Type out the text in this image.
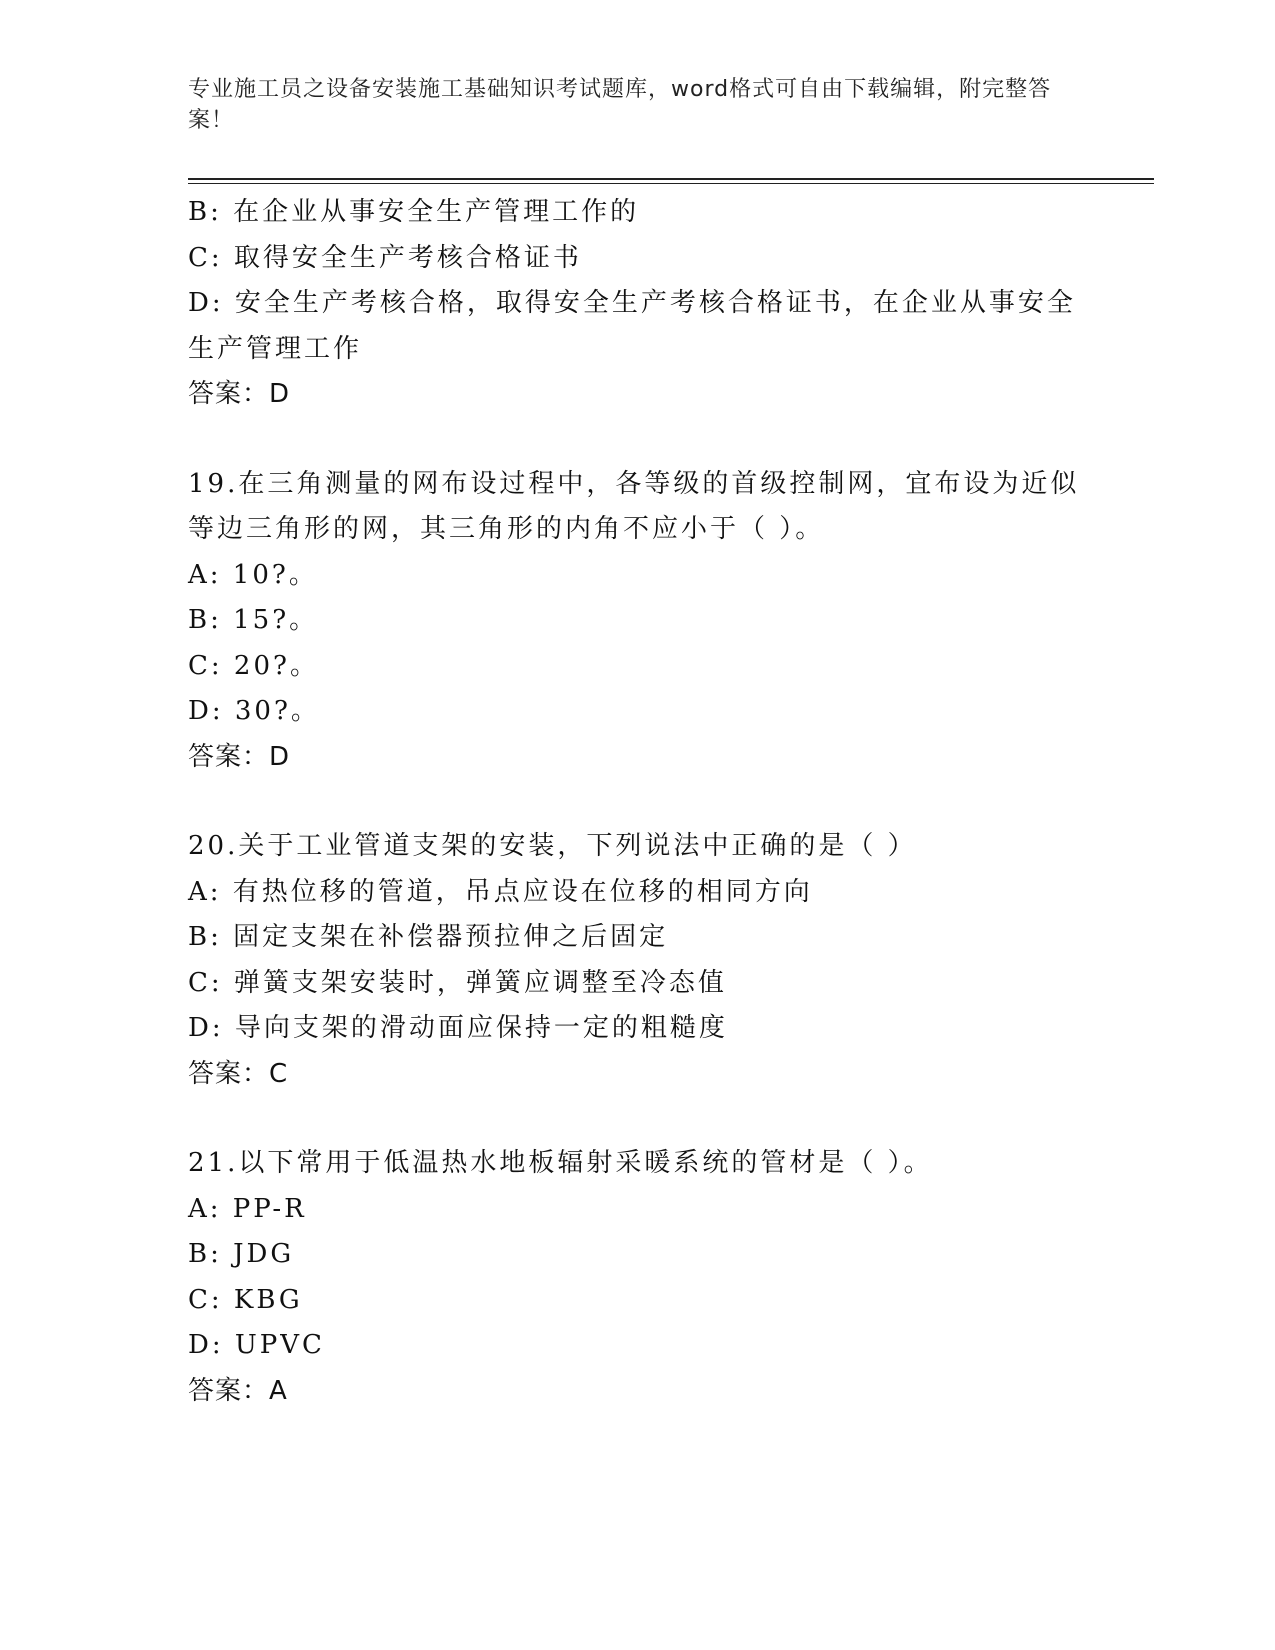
专业施工员之设备安装施工基础知识考试题库，word格式可自由下载编辑，附完整答案！
B: 在企业从事安全生产管理工作的
C: 取得安全生产考核合格证书
D: 安全生产考核合格，取得安全生产考核合格证书，在企业从事安全生产管理工作
答案：D
19.在三角测量的网布设过程中，各等级的首级控制网，宜布设为近似等边三角形的网，其三角形的内角不应小于（ ）。
A: 10?。
B: 15?。
C: 20?。
D: 30?。
答案：D
20.关于工业管道支架的安装，下列说法中正确的是（ ）
A: 有热位移的管道，吊点应设在位移的相同方向
B: 固定支架在补偿器预拉伸之后固定
C: 弹簧支架安装时，弹簧应调整至冷态值
D: 导向支架的滑动面应保持一定的粗糙度
答案：C
21.以下常用于低温热水地板辐射采暖系统的管材是（ ）。
A: PP-R
B: JDG
C: KBG
D: UPVC
答案：A
